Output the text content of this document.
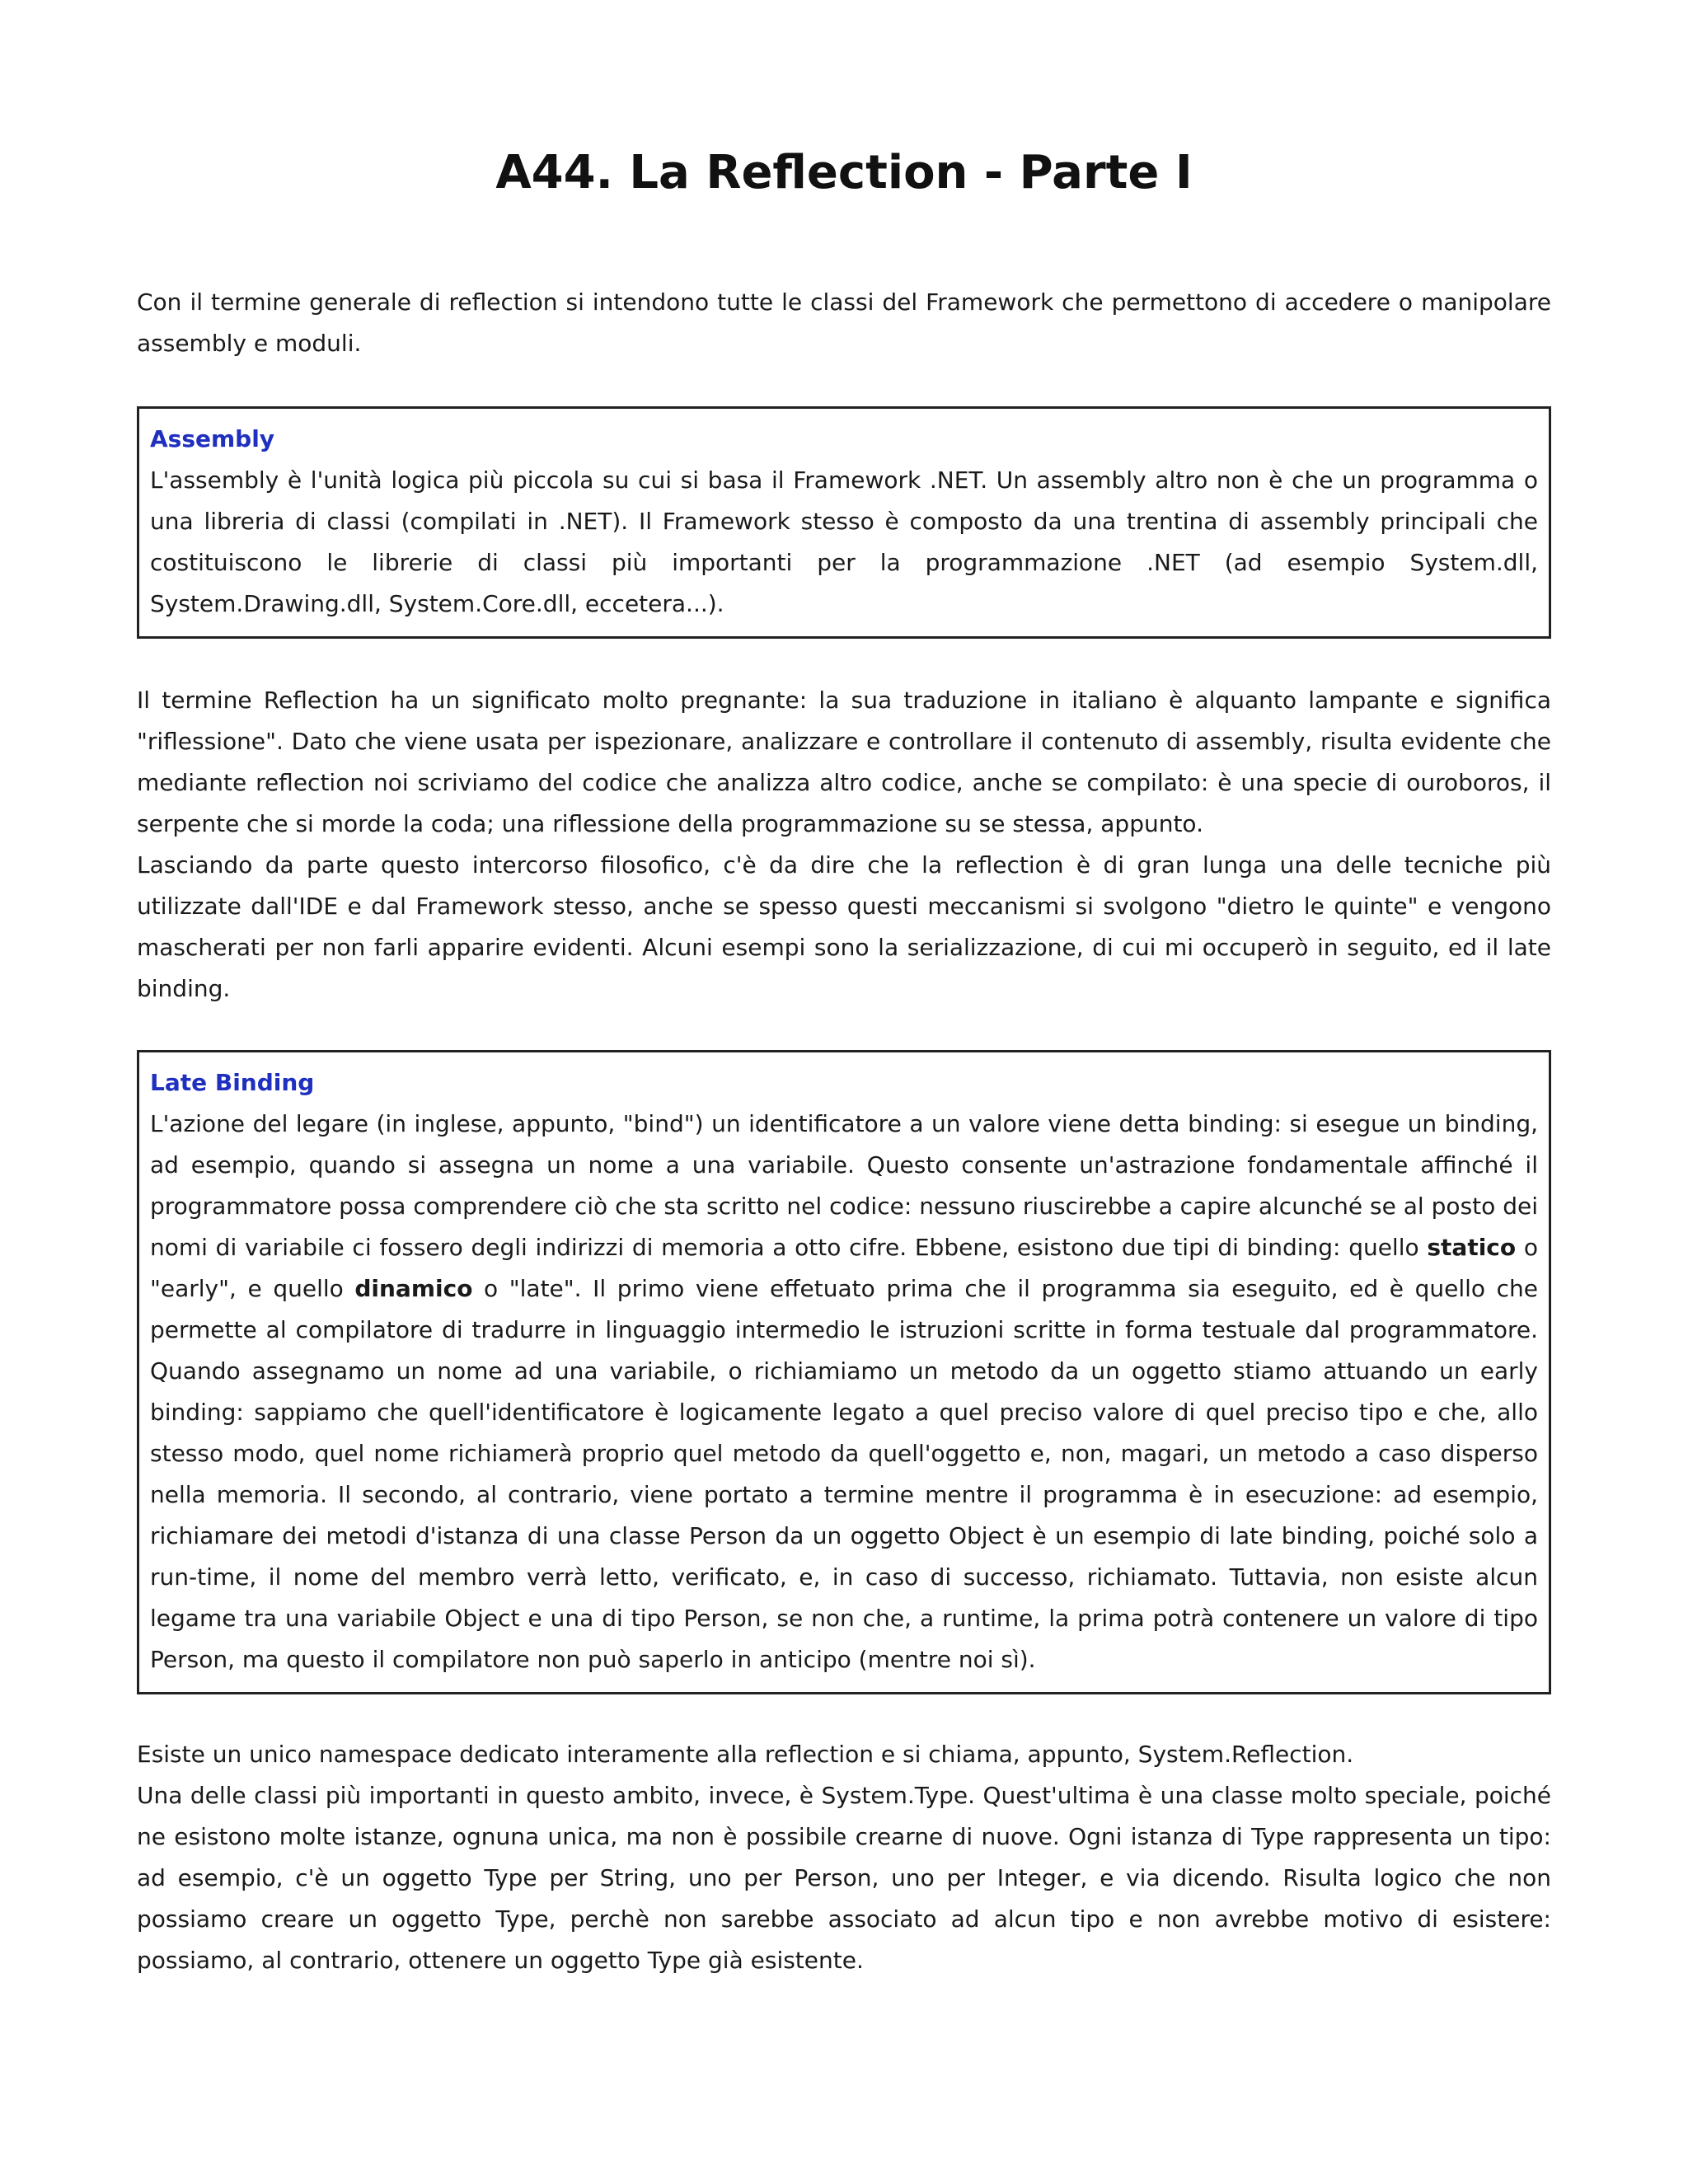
A44. La Reflection - Parte I

Con il termine generale di reflection si intendono tutte le classi del Framework che permettono di accedere o manipolare assembly e moduli.

Assembly

L'assembly è l'unità logica più piccola su cui si basa il Framework .NET. Un assembly altro non è che un programma o una libreria di classi (compilati in .NET). Il Framework stesso è composto da una trentina di assembly principali che costituiscono le librerie di classi più importanti per la programmazione .NET (ad esempio System.dll, System.Drawing.dll, System.Core.dll, eccetera...).

Il termine Reflection ha un significato molto pregnante: la sua traduzione in italiano è alquanto lampante e significa "riflessione". Dato che viene usata per ispezionare, analizzare e controllare il contenuto di assembly, risulta evidente che mediante reflection noi scriviamo del codice che analizza altro codice, anche se compilato: è una specie di ouroboros, il serpente che si morde la coda; una riflessione della programmazione su se stessa, appunto.

Lasciando da parte questo intercorso filosofico, c'è da dire che la reflection è di gran lunga una delle tecniche più utilizzate dall'IDE e dal Framework stesso, anche se spesso questi meccanismi si svolgono "dietro le quinte" e vengono mascherati per non farli apparire evidenti. Alcuni esempi sono la serializzazione, di cui mi occuperò in seguito, ed il late binding.

Late Binding

L'azione del legare (in inglese, appunto, "bind") un identificatore a un valore viene detta binding: si esegue un binding, ad esempio, quando si assegna un nome a una variabile. Questo consente un'astrazione fondamentale affinché il programmatore possa comprendere ciò che sta scritto nel codice: nessuno riuscirebbe a capire alcunché se al posto dei nomi di variabile ci fossero degli indirizzi di memoria a otto cifre. Ebbene, esistono due tipi di binding: quello statico o "early", e quello dinamico o "late". Il primo viene effetuato prima che il programma sia eseguito, ed è quello che permette al compilatore di tradurre in linguaggio intermedio le istruzioni scritte in forma testuale dal programmatore. Quando assegnamo un nome ad una variabile, o richiamiamo un metodo da un oggetto stiamo attuando un early binding: sappiamo che quell'identificatore è logicamente legato a quel preciso valore di quel preciso tipo e che, allo stesso modo, quel nome richiamerà proprio quel metodo da quell'oggetto e, non, magari, un metodo a caso disperso nella memoria. Il secondo, al contrario, viene portato a termine mentre il programma è in esecuzione: ad esempio, richiamare dei metodi d'istanza di una classe Person da un oggetto Object è un esempio di late binding, poiché solo a run-time, il nome del membro verrà letto, verificato, e, in caso di successo, richiamato. Tuttavia, non esiste alcun legame tra una variabile Object e una di tipo Person, se non che, a runtime, la prima potrà contenere un valore di tipo Person, ma questo il compilatore non può saperlo in anticipo (mentre noi sì).

Esiste un unico namespace dedicato interamente alla reflection e si chiama, appunto, System.Reflection.

Una delle classi più importanti in questo ambito, invece, è System.Type. Quest'ultima è una classe molto speciale, poiché ne esistono molte istanze, ognuna unica, ma non è possibile crearne di nuove. Ogni istanza di Type rappresenta un tipo: ad esempio, c'è un oggetto Type per String, uno per Person, uno per Integer, e via dicendo. Risulta logico che non possiamo creare un oggetto Type, perchè non sarebbe associato ad alcun tipo e non avrebbe motivo di esistere: possiamo, al contrario, ottenere un oggetto Type già esistente.
